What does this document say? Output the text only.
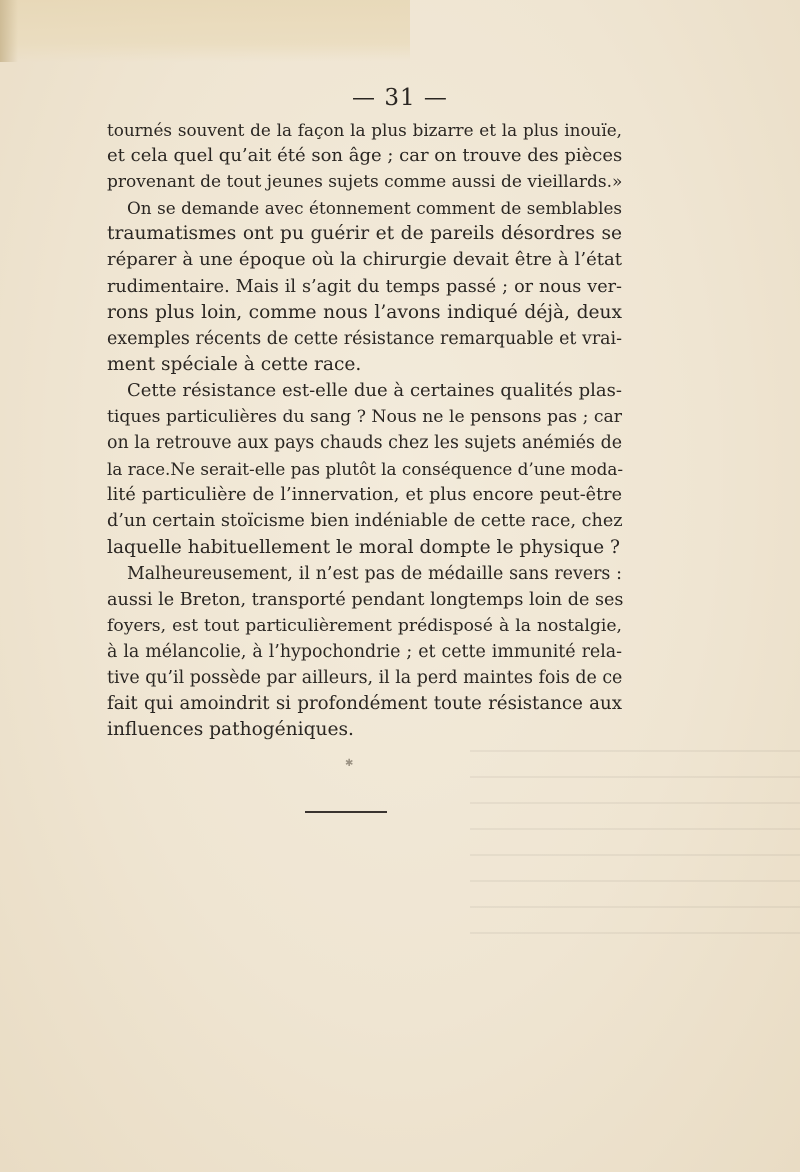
— 31 —
tournés souvent de la façon la plus bizarre et la plus inouïe,
et cela quel qu’ait été son âge ; car on trouve des pièces
provenant de tout jeunes sujets comme aussi de vieillards.»
On se demande avec étonnement comment de semblables
traumatismes ont pu guérir et de pareils désordres se
réparer à une époque où la chirurgie devait être à l’état
rudimentaire. Mais il s’agit du temps passé ; or nous ver-
rons plus loin, comme nous l’avons indiqué déjà, deux
exemples récents de cette résistance remarquable et vrai-
ment spéciale à cette race.
Cette résistance est-elle due à certaines qualités plas-
tiques particulières du sang ? Nous ne le pensons pas ; car
on la retrouve aux pays chauds chez les sujets anémiés de
la race.Ne serait-elle pas plutôt la conséquence d’une moda-
lité particulière de l’innervation, et plus encore peut-être
d’un certain stoïcisme bien indéniable de cette race, chez
laquelle habituellement le moral dompte le physique ?
Malheureusement, il n’est pas de médaille sans revers :
aussi le Breton, transporté pendant longtemps loin de ses
foyers, est tout particulièrement prédisposé à la nostalgie,
à la mélancolie, à l’hypochondrie ; et cette immunité rela-
tive qu’il possède par ailleurs, il la perd maintes fois de ce
fait qui amoindrit si profondément toute résistance aux
influences pathogéniques.
✱
